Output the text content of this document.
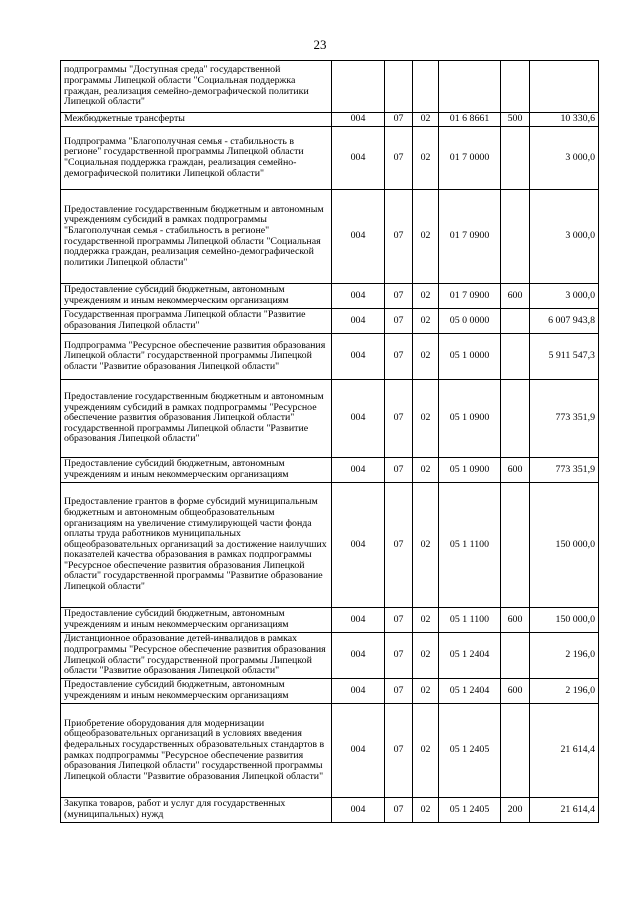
23
подпрограммы "Доступная среда" государственной программы Липецкой области "Социальная поддержка граждан, реализация семейно-демографической политики Липецкой области"						
Межбюджетные трансферты	004	07	02	01 6 8661	500	10 330,6
Подпрограмма "Благополучная семья - стабильность в регионе" государственной программы Липецкой области "Социальная поддержка граждан, реализация семейно-демографической политики Липецкой области"	004	07	02	01 7 0000		3 000,0
Предоставление государственным бюджетным и автономным учреждениям субсидий в рамках подпрограммы "Благополучная семья - стабильность в регионе" государственной программы Липецкой области "Социальная поддержка граждан, реализация семейно-демографической политики Липецкой области"	004	07	02	01 7 0900		3 000,0
Предоставление субсидий бюджетным, автономным учреждениям и иным некоммерческим организациям	004	07	02	01 7 0900	600	3 000,0
Государственная программа Липецкой области "Развитие образования Липецкой области"	004	07	02	05 0 0000		6 007 943,8
Подпрограмма "Ресурсное обеспечение развития образования Липецкой области" государственной программы Липецкой области "Развитие образования Липецкой области"	004	07	02	05 1 0000		5 911 547,3
Предоставление государственным бюджетным и автономным учреждениям субсидий в рамках подпрограммы "Ресурсное обеспечение развития образования Липецкой области" государственной программы Липецкой области "Развитие образования Липецкой области"	004	07	02	05 1 0900		773 351,9
Предоставление субсидий бюджетным, автономным учреждениям и иным некоммерческим организациям	004	07	02	05 1 0900	600	773 351,9
Предоставление грантов в форме субсидий муниципальным бюджетным и автономным общеобразовательным организациям на увеличение стимулирующей части фонда оплаты труда работников муниципальных общеобразовательных организаций за достижение наилучших показателей качества образования в рамках подпрограммы "Ресурсное обеспечение развития образования Липецкой области" государственной программы "Развитие образование Липецкой области"	004	07	02	05 1 1100		150 000,0
Предоставление субсидий бюджетным, автономным учреждениям и иным некоммерческим организациям	004	07	02	05 1 1100	600	150 000,0
Дистанционное образование детей-инвалидов в рамках подпрограммы "Ресурсное обеспечение развития образования Липецкой области" государственной программы Липецкой области "Развитие образования Липецкой области"	004	07	02	05 1 2404		2 196,0
Предоставление субсидий бюджетным, автономным учреждениям и иным некоммерческим организациям	004	07	02	05 1 2404	600	2 196,0
Приобретение оборудования для модернизации общеобразовательных организаций в условиях введения федеральных государственных образовательных стандартов в рамках подпрограммы "Ресурсное обеспечение развития образования Липецкой области" государственной программы Липецкой области "Развитие образования Липецкой области"	004	07	02	05 1 2405		21 614,4
Закупка товаров, работ и услуг для государственных (муниципальных) нужд	004	07	02	05 1 2405	200	21 614,4
